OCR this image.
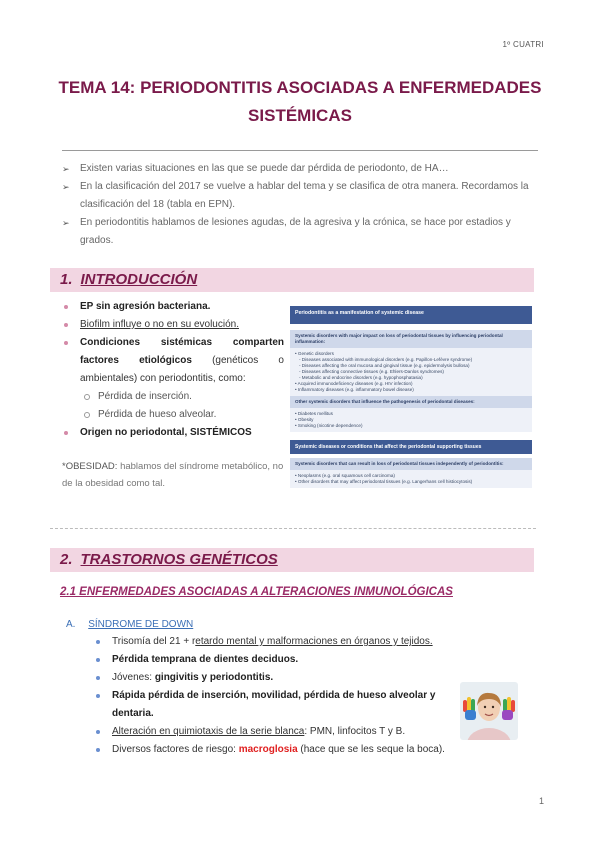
1º CUATRI
TEMA 14: PERIODONTITIS ASOCIADAS A ENFERMEDADES
SISTÉMICAS
➢ Existen varias situaciones en las que se puede dar pérdida de periodonto, de HA…
➢ En la clasificación del 2017 se vuelve a hablar del tema y se clasifica de otra manera. Recordamos la clasificación del 18 (tabla en EPN).
➢ En periodontitis hablamos de lesiones agudas, de la agresiva y la crónica, se hace por estadios y grados.
1. INTRODUCCIÓN
EP sin agresión bacteriana.
Biofilm influye o no en su evolución.
Condiciones sistémicas comparten factores etiológicos (genéticos o ambientales) con periodontitis, como:
Pérdida de inserción.
Pérdida de hueso alveolar.
Origen no periodontal, SISTÉMICOS
*OBESIDAD: hablamos del síndrome metabólico, no de la obesidad como tal.
Periodontitis as a manifestation of systemic disease
Systemic disorders with major impact on loss of periodontal tissues by influencing periodontal inflammation:
• Genetic disorders
- Diseases associated with immunological disorders (e.g. Papillon-Lefèvre syndrome)
- Diseases affecting the oral mucosa and gingival tissue (e.g. epidermolysis bullosa)
- Diseases affecting connective tissues (e.g. Ehlers-Danlos syndromes)
- Metabolic and endocrine disorders (e.g. hypophosphatasia)
• Acquired immunodeficiency diseases (e.g. HIV infection)
• Inflammatory diseases (e.g. inflammatory bowel disease)
Other systemic disorders that influence the pathogenesis of periodontal diseases:
• Diabetes mellitus
• Obesity
• Smoking (nicotine dependence)
Systemic diseases or conditions that affect the periodontal supporting tissues
Systemic disorders that can result in loss of periodontal tissues independently of periodontitis:
• Neoplasms (e.g. oral squamous cell carcinoma)
• Other disorders that may affect periodontal tissues (e.g. Langerhans cell histiocytosis)
2. TRASTORNOS GENÉTICOS
2.1 ENFERMEDADES ASOCIADAS A ALTERACIONES INMUNOLÓGICAS
A. SÍNDROME DE DOWN
Trisomía del 21 + retardo mental y malformaciones en órganos y tejidos.
Pérdida temprana de dientes deciduos.
Jóvenes: gingivitis y periodontitis.
Rápida pérdida de inserción, movilidad, pérdida de hueso alveolar y dentaria.
Alteración en quimiotaxis de la serie blanca: PMN, linfocitos T y B.
Diversos factores de riesgo: macroglosia (hace que se les seque la boca).
1
